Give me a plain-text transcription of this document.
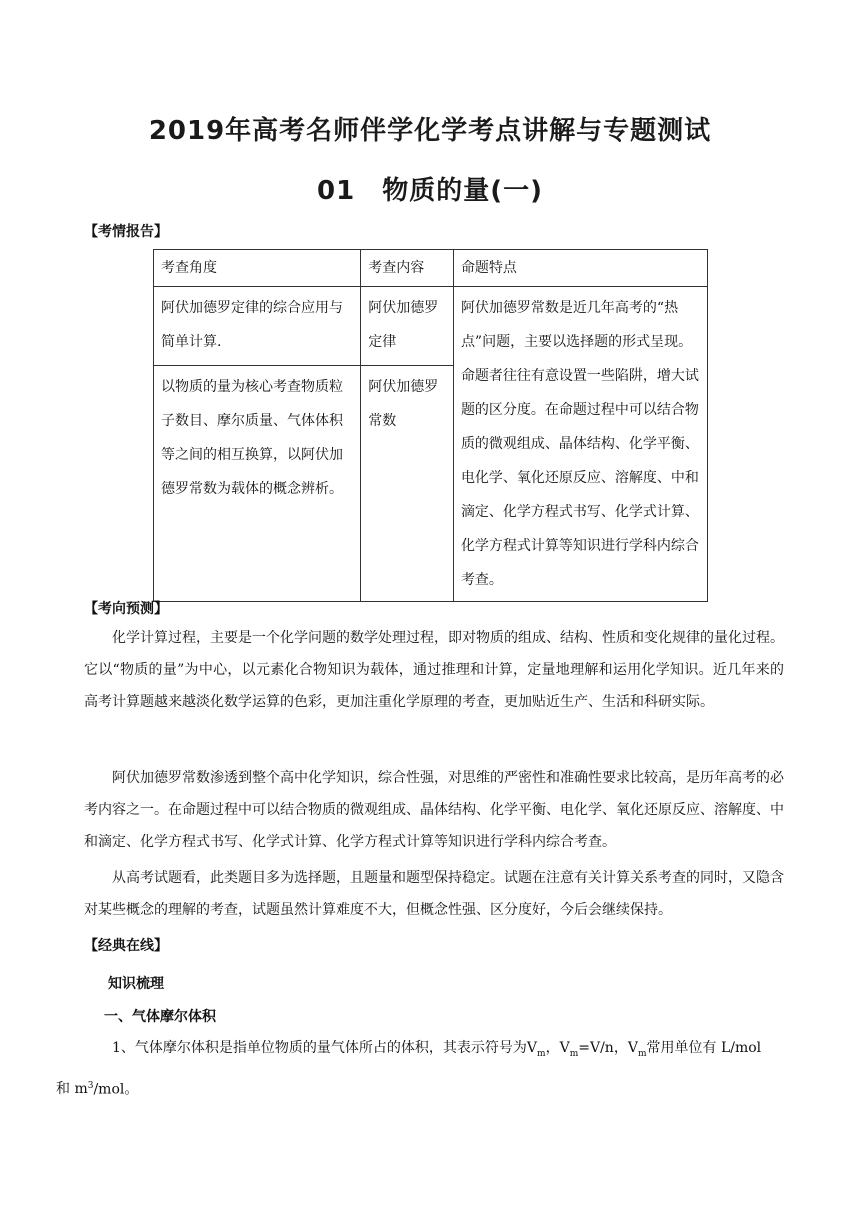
2019年高考名师伴学化学考点讲解与专题测试
01　物质的量(一)
【考情报告】
考查角度	考查内容	命题特点
阿伏加德罗定律的综合应用与简单计算.	阿伏加德罗定律	阿伏加德罗常数是近几年高考的“热点”问题，主要以选择题的形式呈现。命题者往往有意设置一些陷阱，增大试题的区分度。在命题过程中可以结合物质的微观组成、晶体结构、化学平衡、电化学、氧化还原反应、溶解度、中和滴定、化学方程式书写、化学式计算、化学方程式计算等知识进行学科内综合考查。
以物质的量为核心考查物质粒子数目、摩尔质量、气体体积等之间的相互换算，以阿伏加德罗常数为载体的概念辨析。	阿伏加德罗常数	
【考向预测】
化学计算过程，主要是一个化学问题的数学处理过程，即对物质的组成、结构、性质和变化规律的量化过程。它以“物质的量”为中心，以元素化合物知识为载体，通过推理和计算，定量地理解和运用化学知识。近几年来的高考计算题越来越淡化数学运算的色彩，更加注重化学原理的考查，更加贴近生产、生活和科研实际。
阿伏加德罗常数渗透到整个高中化学知识，综合性强，对思维的严密性和准确性要求比较高，是历年高考的必考内容之一。在命题过程中可以结合物质的微观组成、晶体结构、化学平衡、电化学、氧化还原反应、溶解度、中和滴定、化学方程式书写、化学式计算、化学方程式计算等知识进行学科内综合考查。
从高考试题看，此类题目多为选择题，且题量和题型保持稳定。试题在注意有关计算关系考查的同时，又隐含对某些概念的理解的考查，试题虽然计算难度不大，但概念性强、区分度好，今后会继续保持。
【经典在线】
知识梳理
一、气体摩尔体积
1、气体摩尔体积是指单位物质的量气体所占的体积，其表示符号为$V_m$，$V_m=V/n$，$V_m$常用单位有 L/mol
和 $m^3$/mol。
